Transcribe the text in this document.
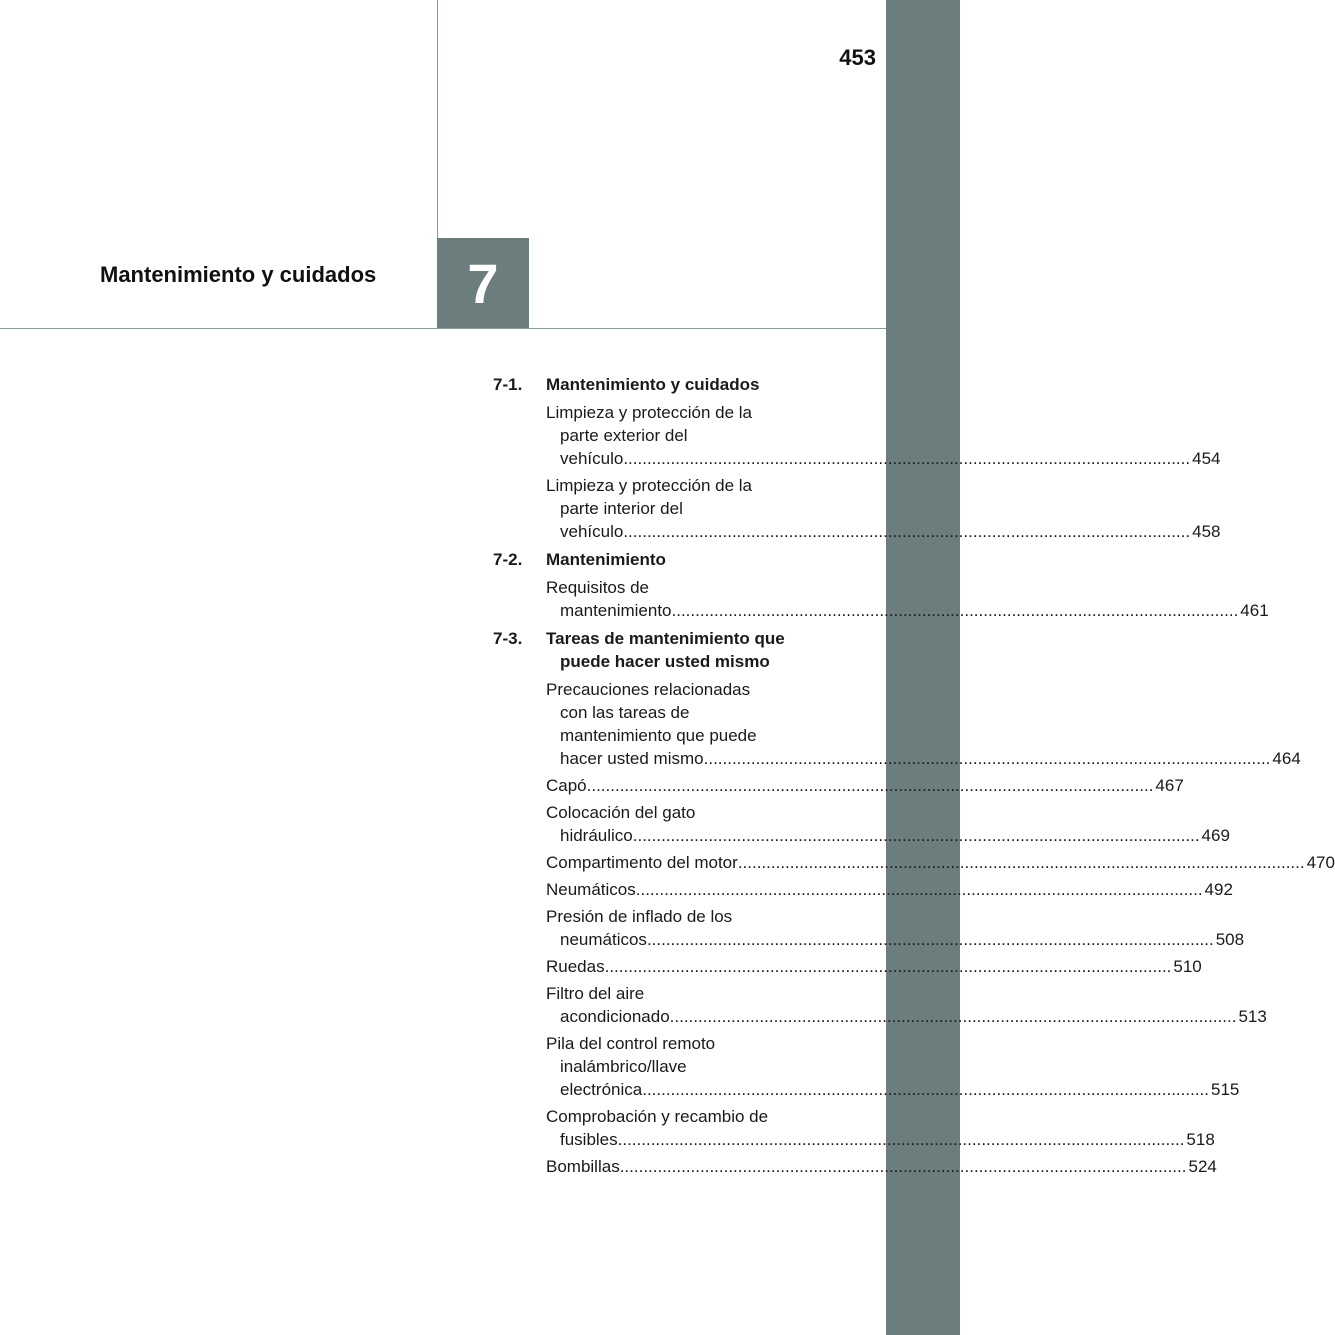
453
7
Mantenimiento y cuidados
7-1. Mantenimiento y cuidados
Limpieza y protección de la
parte exterior del
vehículo ........................................................................................................................ 454
Limpieza y protección de la
parte interior del
vehículo ........................................................................................................................ 458
7-2. Mantenimiento
Requisitos de
mantenimiento ........................................................................................................................ 461
7-3. Tareas de mantenimiento que puede hacer usted mismo
Precauciones relacionadas
con las tareas de
mantenimiento que puede
hacer usted mismo ........................................................................................................................ 464
Capó ........................................................................................................................ 467
Colocación del gato
hidráulico ........................................................................................................................ 469
Compartimento del motor ........................................................................................................................ 470
Neumáticos ........................................................................................................................ 492
Presión de inflado de los
neumáticos ........................................................................................................................ 508
Ruedas ........................................................................................................................ 510
Filtro del aire
acondicionado ........................................................................................................................ 513
Pila del control remoto
inalámbrico/llave
electrónica ........................................................................................................................ 515
Comprobación y recambio de
fusibles ........................................................................................................................ 518
Bombillas ........................................................................................................................ 524
